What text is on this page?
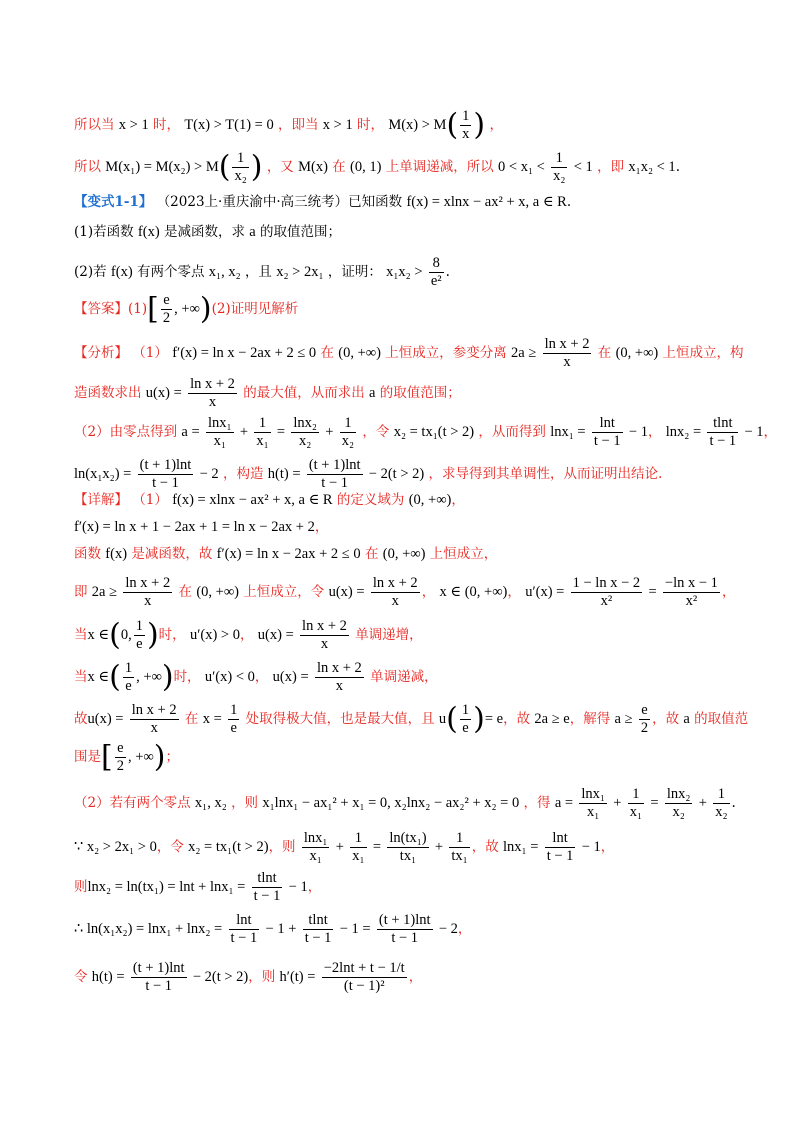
所以当 x > 1 时， T(x) > T(1) = 0 ，即当 x > 1 时， $M(x) > M( \frac{1}{x}$ ) ，
所以 $M(x_1) = M(x_2) > M( \frac{1}{\text{x₂}}$ ) ，又 M(x) 在 (0, 1) 上单调递减，所以 $0 < x_1 < \frac{1}{\text{x₂}} < 1$ ，即 x₁x₂ < 1.
【变式1-1】 （2023上·重庆渝中·高三统考）已知函数 f(x) = xlnx − ax² + x, a ∈ R.
(1)若函数 f(x) 是减函数，求 a 的取值范围；
(2)若 f(x) 有两个零点 x₁, x₂ ，且 x₂ > 2x₁ ，证明： $x_1x_2 > \frac{8}{\text{e²}}$ .
【答案】$(1)[ \frac{e}{2}$ , +∞)(2)证明见解析
【分析】 （1） f′(x) = ln x − 2ax + 2 ≤ 0 在 (0, +∞) 上恒成立，参变分离 $2a \ge \frac{\text{ln x + 2}}{x}$ 在 (0, +∞) 上恒成立，构
造函数求出 $u(x) = \frac{\text{ln x + 2}}{x}$ 的最大值，从而求出 a 的取值范围；
（2）由零点得到 $a = \frac{\text{lnx₁}}{\text{x₁}} + \frac{1}{\text{x₁}} = \frac{\text{lnx₂}}{\text{x₂}} + \frac{1}{\text{x₂}}$ ，令 x₂ = tx₁(t > 2) ，从而得到 $\ln x_1 = \frac{\ln t}{t - 1} - 1$， $\ln x_2 = \frac{tlnt}{t - 1} - 1$，
$\ln(x_1x_2) = \frac{(t + 1)\ln t}{t - 1} - 2$ ，构造 $h(t) = \frac{(t + 1)\ln t}{t - 1} - 2(t > 2)$ ，求导得到其单调性，从而证明出结论.
【详解】 （1） f(x) = xlnx − ax² + x, a ∈ R 的定义域为 (0, +∞)，
f′(x) = ln x + 1 − 2ax + 1 = ln x − 2ax + 2，
函数 f(x) 是减函数，故 f′(x) = ln x − 2ax + 2 ≤ 0 在 (0, +∞) 上恒成立，
即 $2a \ge \frac{\text{ln x + 2}}{x}$ 在 (0, +∞) 上恒成立，令 $u(x) = \frac{\text{ln x + 2}}{x}$ ， x ∈ (0, +∞)， $u'(x) = \frac{\text{1 − ln x − 2}}{\text{x²}} = \frac{\text{−ln x − 1}}{\text{x²}}$ ，
当x ∈(0, $\frac{1}{e}$ )时， u′(x) > 0， $u(x) = \frac{\text{ln x + 2}}{x}$ 单调递增，
当x ∈( $\frac{1}{e}$ , +∞)时， u′(x) < 0， $u(x) = \frac{\text{ln x + 2}}{x}$ 单调递减，
故$u(x) = \frac{\text{ln x + 2}}{x}$ 在 $x = \frac{1}{e}$ 处取得极大值，也是最大值，且 $u( \frac{1}{e}$ )= e，故 2a ≥ e，解得 $a \ge \frac{e}{2}$ ，故 a 的取值范
围是[ $\frac{e}{2}$ , +∞)；
（2）若有两个零点 x₁, x₂ ，则 x₁lnx₁ − ax₁² + x₁ = 0, x₂lnx₂ − ax₂² + x₂ = 0 ，得 $a = \frac{\text{lnx₁}}{\text{x₁}} + \frac{1}{\text{x₁}} = \frac{\text{lnx₂}}{\text{x₂}} + \frac{1}{\text{x₂}}$ .
∵ x₂ > 2x₁ > 0，令 x₂ = tx₁(t > 2)，则 $\frac{\text{lnx₁}}{\text{x₁}} + \frac{1}{\text{x₁}} = \frac{\text{ln(tx₁)}}{\text{tx₁}} + \frac{1}{\text{tx₁}}$ ，故 $\ln x_1 = \frac{\ln t}{t - 1} - 1$，
则$\ln x_2 = \ln(tx_1) = \ln t + \ln x_1 = \frac{tlnt}{t - 1} - 1$，
∴ $\ln(x_1x_2) = \ln x_1 + \ln x_2 = \frac{\ln t}{t - 1} - 1 + \frac{tlnt}{t - 1} - 1 = \frac{(t + 1)\ln t}{t - 1} - 2$，
令 $h(t) = \frac{(t + 1)\ln t}{t - 1} - 2(t > 2)$，则 $h'(t) = \frac{-2\ln t + t - 1/t}{\text{(t − 1)²}}$ ，
